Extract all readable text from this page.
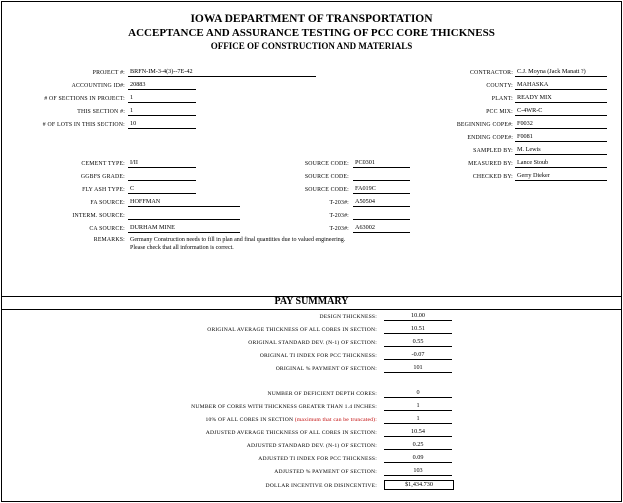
IOWA DEPARTMENT OF TRANSPORTATION
ACCEPTANCE AND ASSURANCE TESTING OF PCC CORE THICKNESS
OFFICE OF CONSTRUCTION AND MATERIALS
PROJECT #: BRFN-IM-3-4(3)--7E-42
ACCOUNTING ID#: 20883
# OF SECTIONS IN PROJECT: 1
THIS SECTION #: 1
# OF LOTS IN THIS SECTION: 10
CONTRACTOR: C.J. Moyna (Jack Manatt ?)
COUNTY: MAHASKA
PLANT: READY MIX
PCC MIX: C-4WR-C
BEGINNING COPE#: F0032
ENDING COPE#: F0081
SAMPLED BY: M. Lewis
MEASURED BY: Lance Stoub
CHECKED BY: Gerry Dieker
CEMENT TYPE: I/II	SOURCE CODE: PC0301
GGBFS GRADE:	SOURCE CODE:
FLY ASH TYPE: C	SOURCE CODE: FA019C
FA SOURCE: HOFFMAN	T-203#: A50504
INTERM. SOURCE:	T-203#:
CA SOURCE: DURHAM MINE	T-203#: A63002
REMARKS: Germany Construction needs to fill in plan and final quantities due to valued engineering. Please check that all information is correct.
PAY SUMMARY
DESIGN THICKNESS:	10.00
ORIGINAL AVERAGE THICKNESS OF ALL CORES IN SECTION:	10.51
ORIGINAL STANDARD DEV. (N-1) OF SECTION:	0.55
ORIGINAL TI INDEX FOR PCC THICKNESS:	-0.07
ORIGINAL % PAYMENT OF SECTION:	101
NUMBER OF DEFICIENT DEPTH CORES:	0
NUMBER OF CORES WITH THICKNESS GREATER THAN 1.4 INCHES:	1
10% OF ALL CORES IN SECTION (maximum that can be truncated):	1
ADJUSTED AVERAGE THICKNESS OF ALL CORES IN SECTION:	10.54
ADJUSTED STANDARD DEV. (N-1) OF SECTION:	0.25
ADJUSTED TI INDEX FOR PCC THICKNESS:	0.09
ADJUSTED % PAYMENT OF SECTION:	103
DOLLAR INCENTIVE OR DISINCENTIVE:	$1,434.730
